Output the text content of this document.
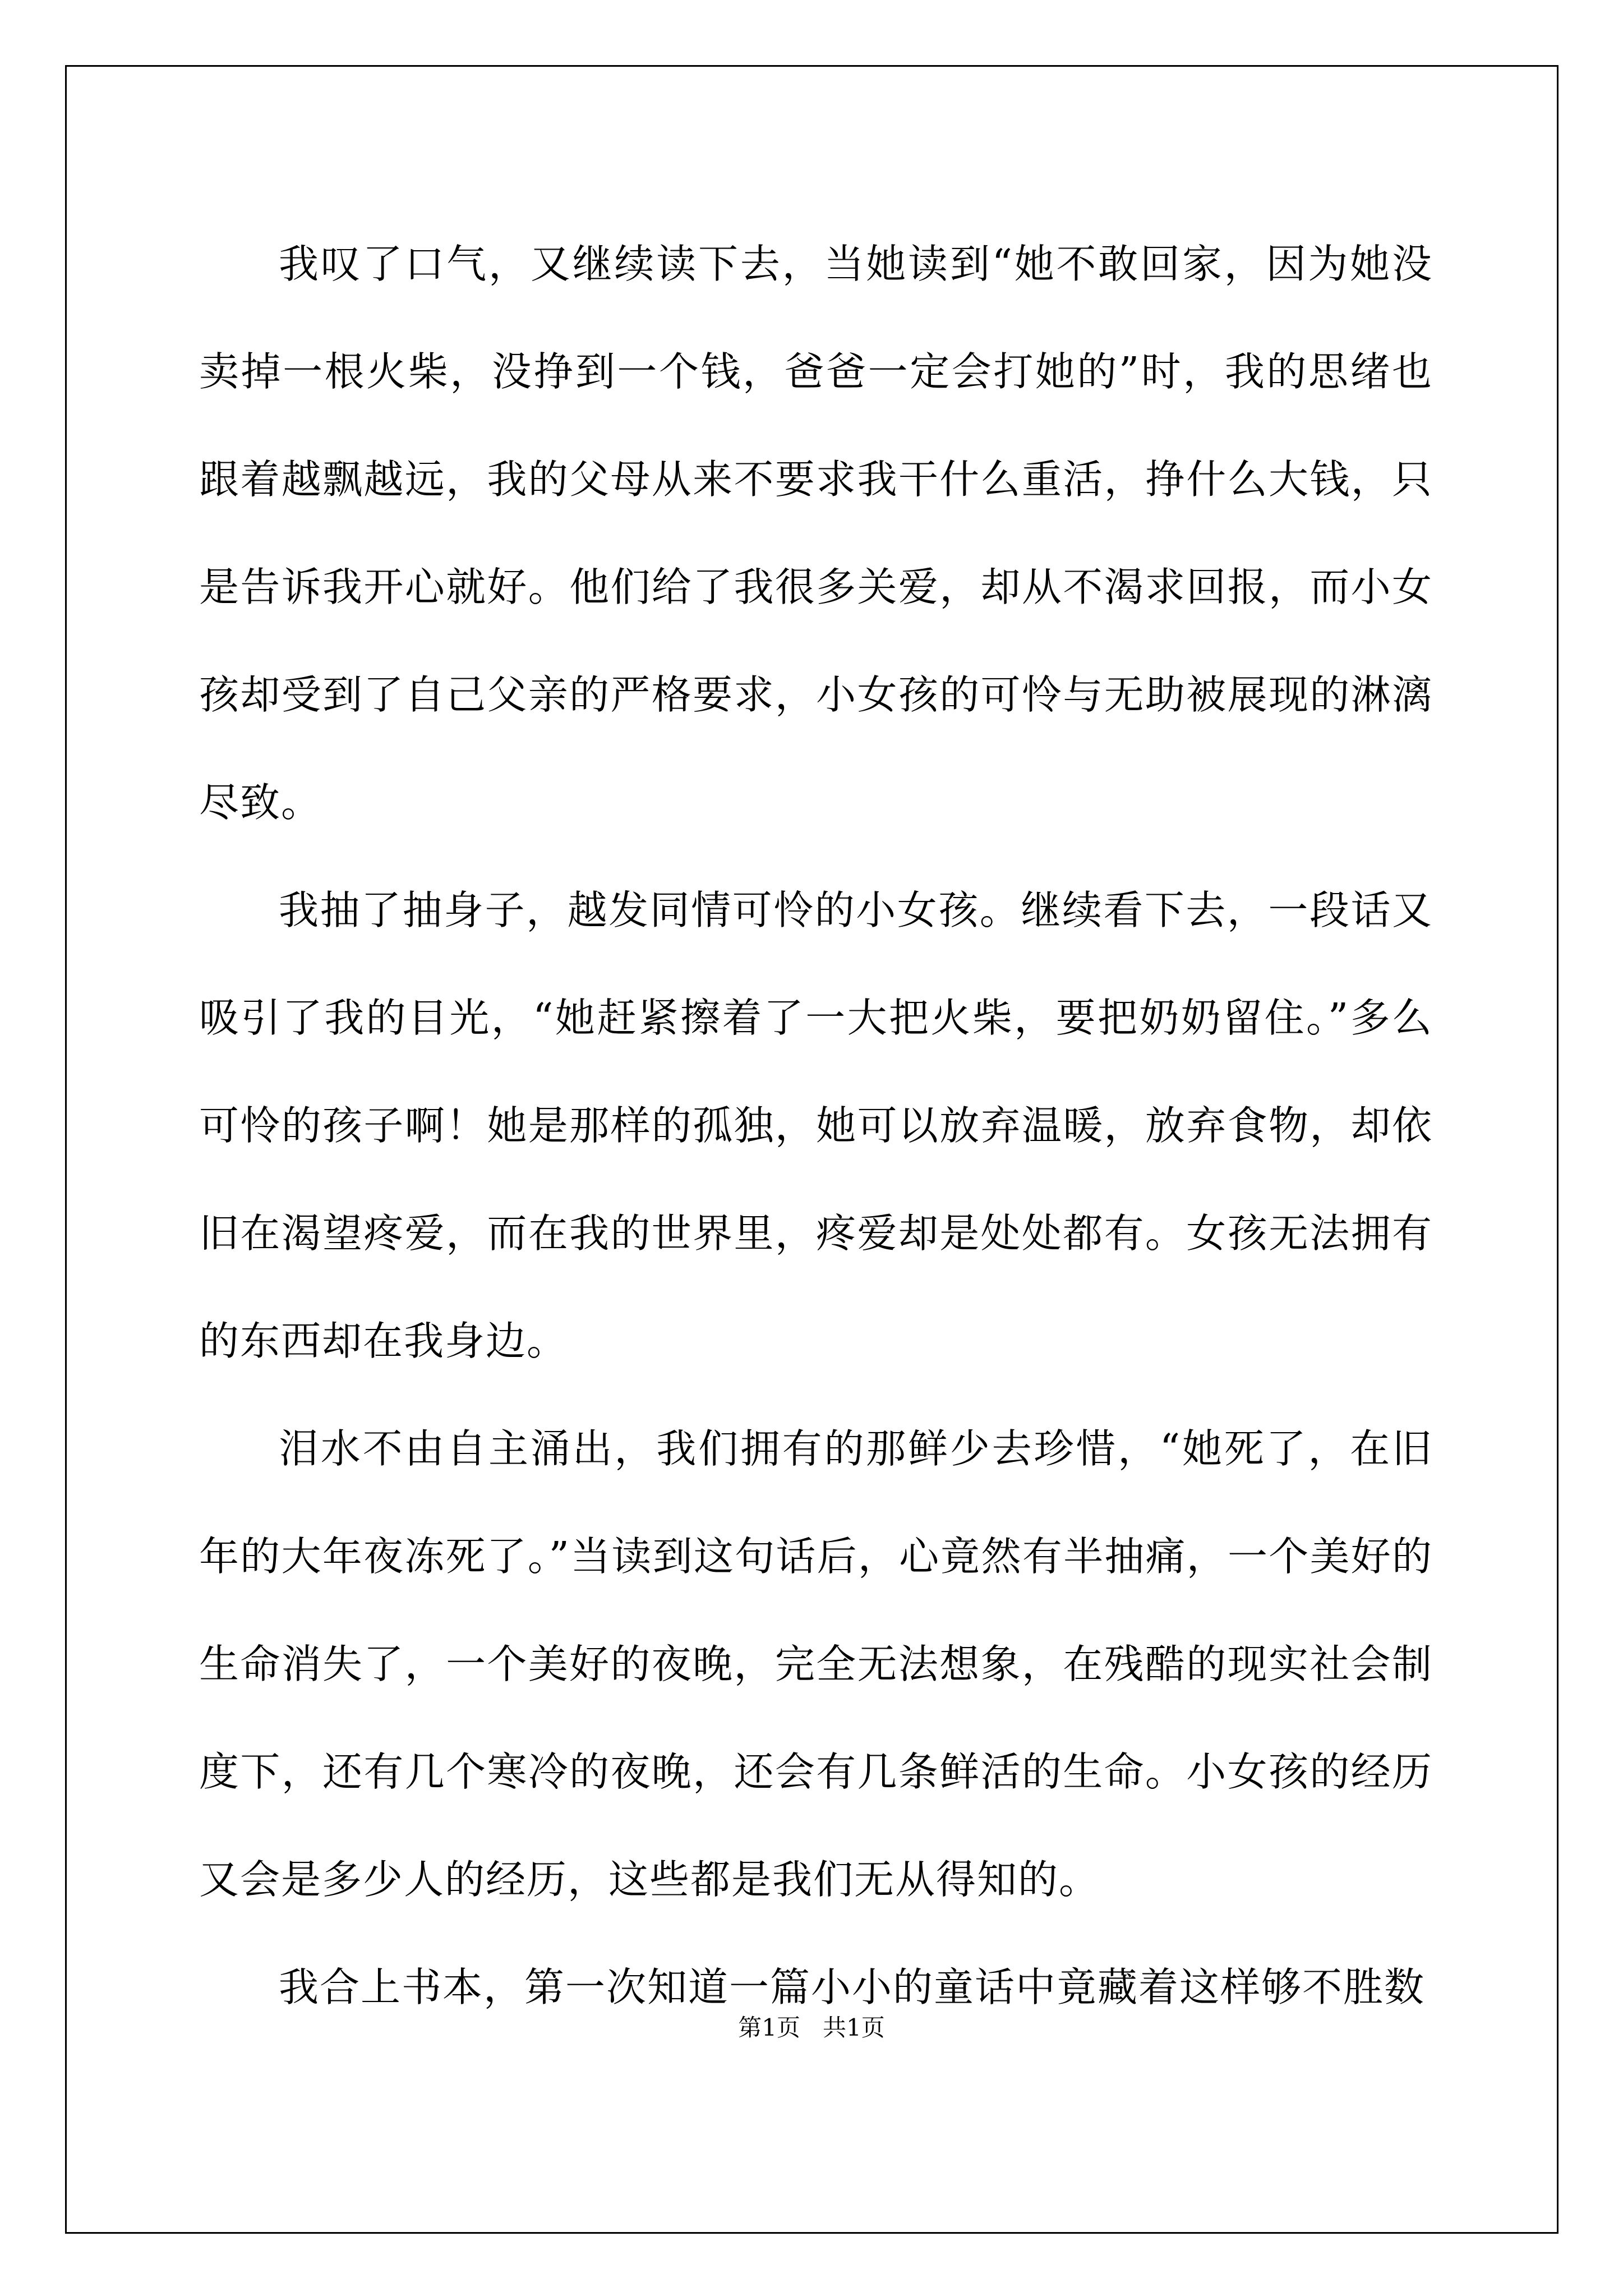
我叹了口气，又继续读下去，当她读到“她不敢回家，因为她没卖掉一根火柴，没挣到一个钱，爸爸一定会打她的”时，我的思绪也跟着越飘越远，我的父母从来不要求我干什么重活，挣什么大钱，只是告诉我开心就好。他们给了我很多关爱，却从不渴求回报，而小女孩却受到了自己父亲的严格要求，小女孩的可怜与无助被展现的淋漓尽致。

我抽了抽身子，越发同情可怜的小女孩。继续看下去，一段话又吸引了我的目光，“她赶紧擦着了一大把火柴，要把奶奶留住。”多么可怜的孩子啊！她是那样的孤独，她可以放弃温暖，放弃食物，却依旧在渴望疼爱，而在我的世界里，疼爱却是处处都有。女孩无法拥有的东西却在我身边。

泪水不由自主涌出，我们拥有的那鲜少去珍惜，“她死了，在旧年的大年夜冻死了。”当读到这句话后，心竟然有半抽痛，一个美好的生命消失了，一个美好的夜晚，完全无法想象，在残酷的现实社会制度下，还有几个寒冷的夜晚，还会有几条鲜活的生命。小女孩的经历又会是多少人的经历，这些都是我们无从得知的。

我合上书本，第一次知道一篇小小的童话中竟藏着这样够不胜数

第1页   共1页
